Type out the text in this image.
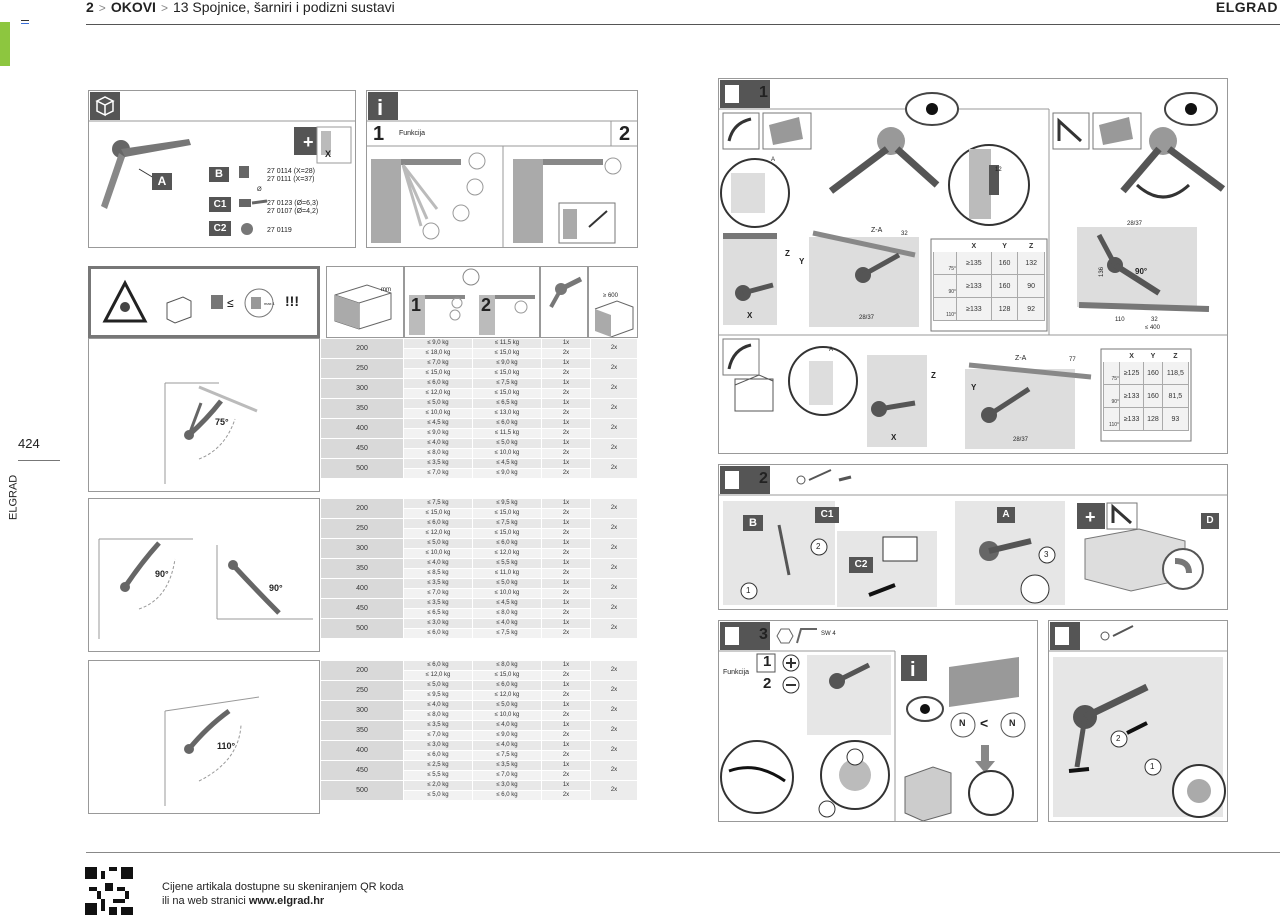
2 > OKOVI > 13 Spojnice, šarniri i podizni sustavi	ELGRAD
424
ELGRAD
+
A	B
C1
C2
27 0114 (X=28)
27 0111 (X=37)
Ø
27 0123 (Ø=6,3)
27 0107 (Ø=4,2)
27 0119
X
i
1	2
Funkcija
≤	max 1 !!!
mm
1	2	≥ 600
75°
90°
90°
110°
200	≤ 9,0 kg	≤ 11,5 kg	1x	2x
	≤ 18,0 kg	≤ 15,0 kg	2x	
250	≤ 7,0 kg	≤ 9,0 kg	1x	2x
	≤ 15,0 kg	≤ 15,0 kg	2x	
300	≤ 6,0 kg	≤ 7,5 kg	1x	2x
	≤ 12,0 kg	≤ 15,0 kg	2x	
350	≤ 5,0 kg	≤ 6,5 kg	1x	2x
	≤ 10,0 kg	≤ 13,0 kg	2x	
400	≤ 4,5 kg	≤ 6,0 kg	1x	2x
	≤ 9,0 kg	≤ 11,5 kg	2x	
450	≤ 4,0 kg	≤ 5,0 kg	1x	2x
	≤ 8,0 kg	≤ 10,0 kg	2x	
500	≤ 3,5 kg	≤ 4,5 kg	1x	2x
	≤ 7,0 kg	≤ 9,0 kg	2x	
200	≤ 7,5 kg	≤ 9,5 kg	1x	2x
	≤ 15,0 kg	≤ 15,0 kg	2x	
250	≤ 6,0 kg	≤ 7,5 kg	1x	2x
	≤ 12,0 kg	≤ 15,0 kg	2x	
300	≤ 5,0 kg	≤ 6,0 kg	1x	2x
	≤ 10,0 kg	≤ 12,0 kg	2x	
350	≤ 4,0 kg	≤ 5,5 kg	1x	2x
	≤ 8,5 kg	≤ 11,0 kg	2x	
400	≤ 3,5 kg	≤ 5,0 kg	1x	2x
	≤ 7,0 kg	≤ 10,0 kg	2x	
450	≤ 3,5 kg	≤ 4,5 kg	1x	2x
	≤ 6,5 kg	≤ 8,0 kg	2x	
500	≤ 3,0 kg	≤ 4,0 kg	1x	2x
	≤ 6,0 kg	≤ 7,5 kg	2x	
200	≤ 6,0 kg	≤ 8,0 kg	1x	2x
	≤ 12,0 kg	≤ 15,0 kg	2x	
250	≤ 5,0 kg	≤ 6,0 kg	1x	2x
	≤ 9,5 kg	≤ 12,0 kg	2x	
300	≤ 4,0 kg	≤ 5,0 kg	1x	2x
	≤ 8,0 kg	≤ 10,0 kg	2x	
350	≤ 3,5 kg	≤ 4,0 kg	1x	2x
	≤ 7,0 kg	≤ 9,0 kg	2x	
400	≤ 3,0 kg	≤ 4,0 kg	1x	2x
	≤ 6,0 kg	≤ 7,5 kg	2x	
450	≤ 2,5 kg	≤ 3,5 kg	1x	2x
	≤ 5,5 kg	≤ 7,0 kg	2x	
500	≤ 2,0 kg	≤ 3,0 kg	1x	2x
	≤ 5,0 kg	≤ 6,0 kg	2x	
1
Z
Y
X
Z-A	32
12
A
28/37
28/37
90°
136
110	32
≤ 400
Z
X
Y
Z-A	77
28/37
A
	X	Y	Z
75°	≥135	160	132
90°	≥133	160	90
110°	≥133	128	92
	X	Y	Z
75°	≥125	160	118,5
90°	≥133	160	81,5
110°	≥133	128	93
+
2
B
C1
C2
A
D
1
2
3
i
3	SW 4
Funkcija
1
2
N < N
2
1
Cijene artikala dostupne su skeniranjem QR koda
ili na web stranici www.elgrad.hr
